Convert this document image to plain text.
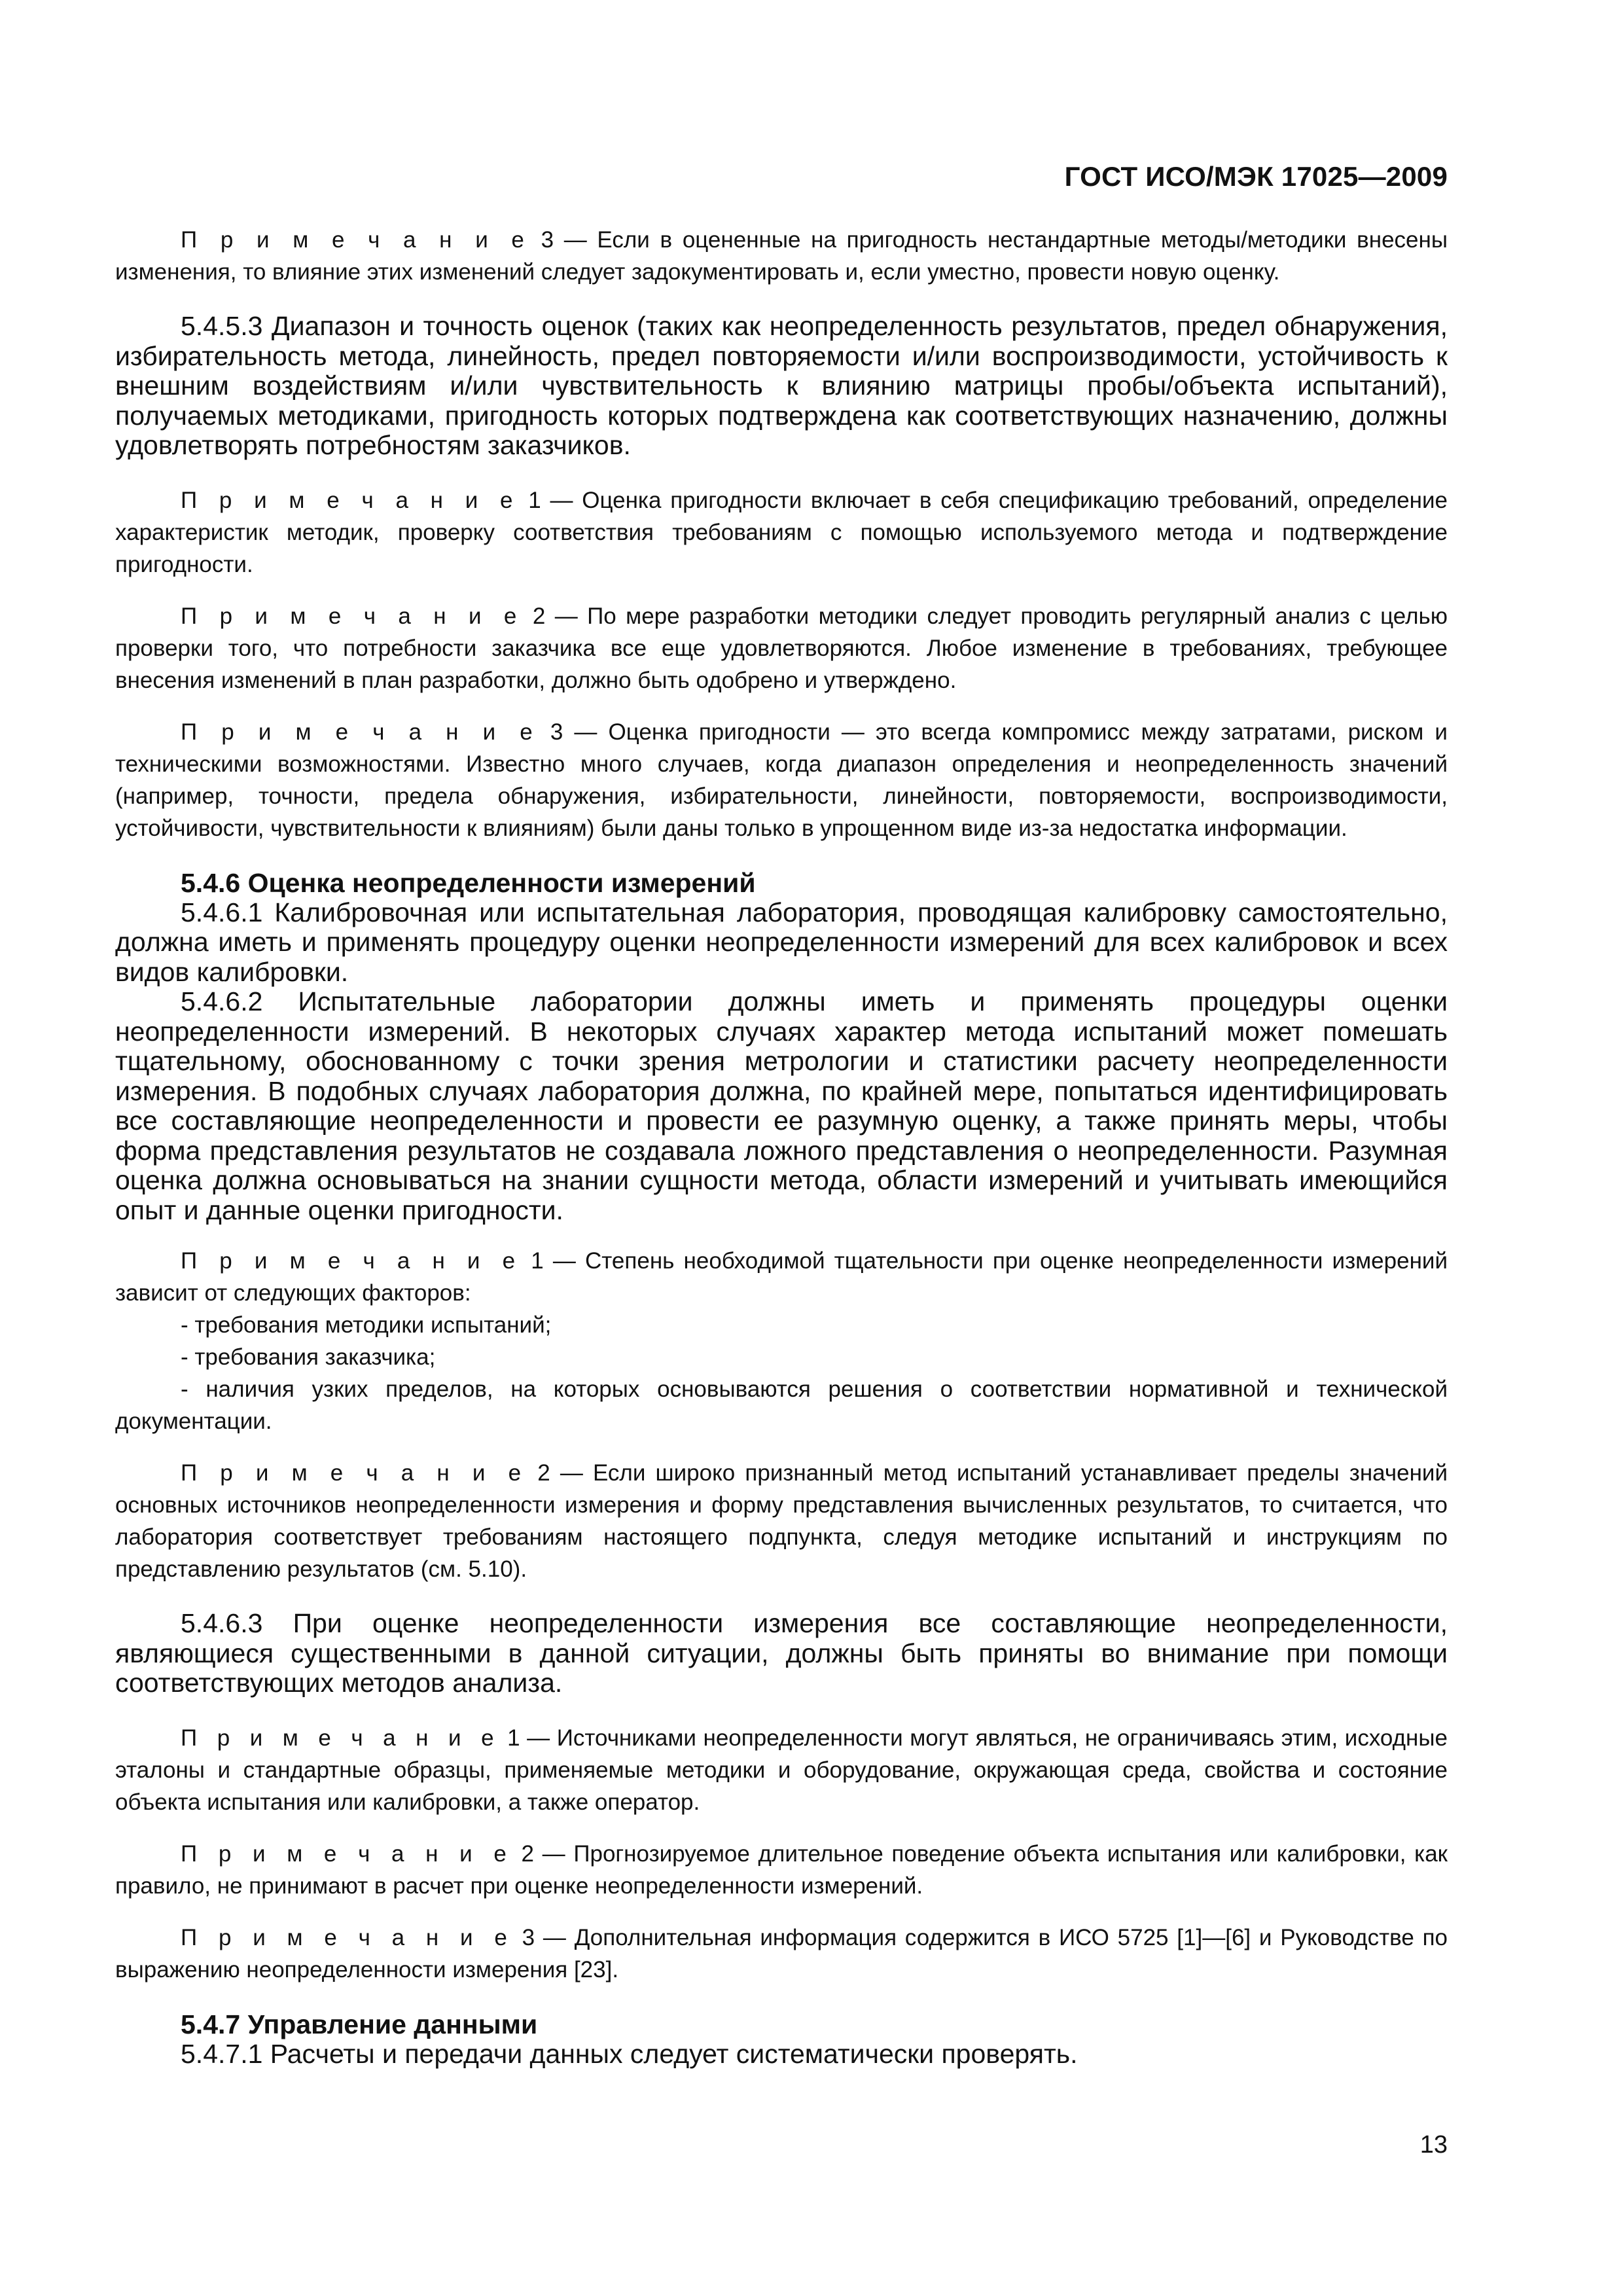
ГОСТ ИСО/МЭК 17025—2009

П р и м е ч а н и е 3 — Если в оцененные на пригодность нестандартные методы/методики внесены изменения, то влияние этих изменений следует задокументировать и, если уместно, провести новую оценку.

5.4.5.3 Диапазон и точность оценок (таких как неопределенность результатов, предел обнаружения, избирательность метода, линейность, предел повторяемости и/или воспроизводимости, устойчивость к внешним воздействиям и/или чувствительность к влиянию матрицы пробы/объекта испытаний), получаемых методиками, пригодность которых подтверждена как соответствующих назначению, должны удовлетворять потребностям заказчиков.

П р и м е ч а н и е 1 — Оценка пригодности включает в себя спецификацию требований, определение характеристик методик, проверку соответствия требованиям с помощью используемого метода и подтверждение пригодности.

П р и м е ч а н и е 2 — По мере разработки методики следует проводить регулярный анализ с целью проверки того, что потребности заказчика все еще удовлетворяются. Любое изменение в требованиях, требующее внесения изменений в план разработки, должно быть одобрено и утверждено.

П р и м е ч а н и е 3 — Оценка пригодности — это всегда компромисс между затратами, риском и техническими возможностями. Известно много случаев, когда диапазон определения и неопределенность значений (например, точности, предела обнаружения, избирательности, линейности, повторяемости, воспроизводимости, устойчивости, чувствительности к влияниям) были даны только в упрощенном виде из-за недостатка информации.

5.4.6 Оценка неопределенности измерений

5.4.6.1 Калибровочная или испытательная лаборатория, проводящая калибровку самостоятельно, должна иметь и применять процедуру оценки неопределенности измерений для всех калибровок и всех видов калибровки.

5.4.6.2 Испытательные лаборатории должны иметь и применять процедуры оценки неопределенности измерений. В некоторых случаях характер метода испытаний может помешать тщательному, обоснованному с точки зрения метрологии и статистики расчету неопределенности измерения. В подобных случаях лаборатория должна, по крайней мере, попытаться идентифицировать все составляющие неопределенности и провести ее разумную оценку, а также принять меры, чтобы форма представления результатов не создавала ложного представления о неопределенности. Разумная оценка должна основываться на знании сущности метода, области измерений и учитывать имеющийся опыт и данные оценки пригодности.

П р и м е ч а н и е 1 — Степень необходимой тщательности при оценке неопределенности измерений зависит от следующих факторов:

- требования методики испытаний;

- требования заказчика;

- наличия узких пределов, на которых основываются решения о соответствии нормативной и технической документации.

П р и м е ч а н и е 2 — Если широко признанный метод испытаний устанавливает пределы значений основных источников неопределенности измерения и форму представления вычисленных результатов, то считается, что лаборатория соответствует требованиям настоящего подпункта, следуя методике испытаний и инструкциям по представлению результатов (см. 5.10).

5.4.6.3 При оценке неопределенности измерения все составляющие неопределенности, являющиеся существенными в данной ситуации, должны быть приняты во внимание при помощи соответствующих методов анализа.

П р и м е ч а н и е 1 — Источниками неопределенности могут являться, не ограничиваясь этим, исходные эталоны и стандартные образцы, применяемые методики и оборудование, окружающая среда, свойства и состояние объекта испытания или калибровки, а также оператор.

П р и м е ч а н и е 2 — Прогнозируемое длительное поведение объекта испытания или калибровки, как правило, не принимают в расчет при оценке неопределенности измерений.

П р и м е ч а н и е 3 — Дополнительная информация содержится в ИСО 5725 [1]—[6] и Руководстве по выражению неопределенности измерения [23].

5.4.7 Управление данными

5.4.7.1 Расчеты и передачи данных следует систематически проверять.

13
